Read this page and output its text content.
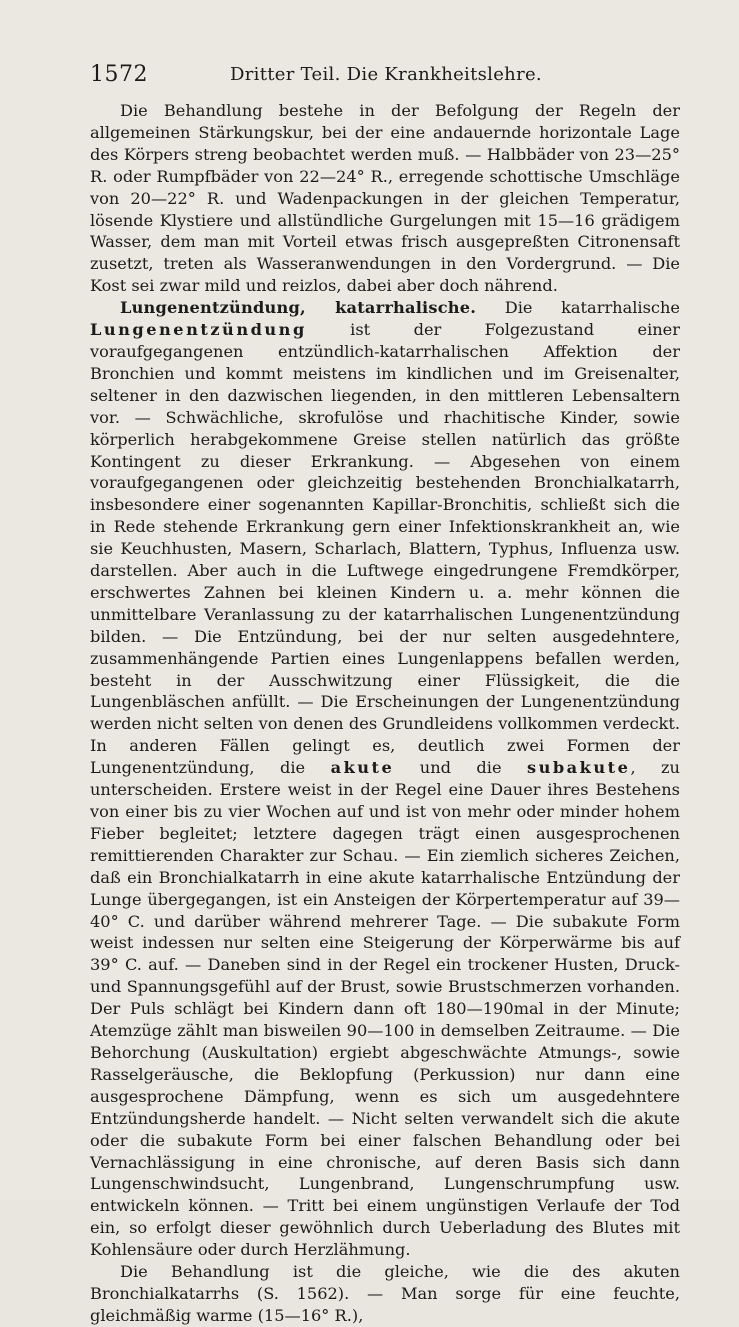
1572	Dritter Teil. Die Krankheitslehre.

Die Behandlung bestehe in der Befolgung der Regeln der allgemeinen Stärkungskur, bei der eine andauernde horizontale Lage des Körpers streng beobachtet werden muß. — Halbbäder von 23—25° R. oder Rumpfbäder von 22—24° R., erregende schottische Umschläge von 20—22° R. und Wadenpackungen in der gleichen Temperatur, lösende Klystiere und allstündliche Gurgelungen mit 15—16 grädigem Wasser, dem man mit Vorteil etwas frisch ausgepreßten Citronensaft zusetzt, treten als Wasseranwendungen in den Vordergrund. — Die Kost sei zwar mild und reizlos, dabei aber doch nährend.

Lungenentzündung, katarrhalische. Die katarrhalische Lungenentzündung ist der Folgezustand einer voraufgegangenen entzündlich-katarrhalischen Affektion der Bronchien und kommt meistens im kindlichen und im Greisenalter, seltener in den dazwischen liegenden, in den mittleren Lebensaltern vor. — Schwächliche, skrofulöse und rhachitische Kinder, sowie körperlich herabgekommene Greise stellen natürlich das größte Kontingent zu dieser Erkrankung. — Abgesehen von einem voraufgegangenen oder gleichzeitig bestehenden Bronchialkatarrh, insbesondere einer sogenannten Kapillar-Bronchitis, schließt sich die in Rede stehende Erkrankung gern einer Infektionskrankheit an, wie sie Keuchhusten, Masern, Scharlach, Blattern, Typhus, Influenza usw. darstellen. Aber auch in die Luftwege eingedrungene Fremdkörper, erschwertes Zahnen bei kleinen Kindern u. a. mehr können die unmittelbare Veranlassung zu der katarrhalischen Lungenentzündung bilden. — Die Entzündung, bei der nur selten ausgedehntere, zusammenhängende Partien eines Lungenlappens befallen werden, besteht in der Ausschwitzung einer Flüssigkeit, die die Lungenbläschen anfüllt. — Die Erscheinungen der Lungenentzündung werden nicht selten von denen des Grundleidens vollkommen verdeckt. In anderen Fällen gelingt es, deutlich zwei Formen der Lungenentzündung, die akute und die subakute, zu unterscheiden. Erstere weist in der Regel eine Dauer ihres Bestehens von einer bis zu vier Wochen auf und ist von mehr oder minder hohem Fieber begleitet; letztere dagegen trägt einen ausgesprochenen remittierenden Charakter zur Schau. — Ein ziemlich sicheres Zeichen, daß ein Bronchialkatarrh in eine akute katarrhalische Entzündung der Lunge übergegangen, ist ein Ansteigen der Körpertemperatur auf 39—40° C. und darüber während mehrerer Tage. — Die subakute Form weist indessen nur selten eine Steigerung der Körperwärme bis auf 39° C. auf. — Daneben sind in der Regel ein trockener Husten, Druck- und Spannungsgefühl auf der Brust, sowie Brustschmerzen vorhanden. Der Puls schlägt bei Kindern dann oft 180—190mal in der Minute; Atemzüge zählt man bisweilen 90—100 in demselben Zeitraume. — Die Behorchung (Auskultation) ergiebt abgeschwächte Atmungs-, sowie Rasselgeräusche, die Beklopfung (Perkussion) nur dann eine ausgesprochene Dämpfung, wenn es sich um ausgedehntere Entzündungsherde handelt. — Nicht selten verwandelt sich die akute oder die subakute Form bei einer falschen Behandlung oder bei Vernachlässigung in eine chronische, auf deren Basis sich dann Lungenschwindsucht, Lungenbrand, Lungenschrumpfung usw. entwickeln können. — Tritt bei einem ungünstigen Verlaufe der Tod ein, so erfolgt dieser gewöhnlich durch Ueberladung des Blutes mit Kohlensäure oder durch Herzlähmung.

Die Behandlung ist die gleiche, wie die des akuten Bronchialkatarrhs (S. 1562). — Man sorge für eine feuchte, gleichmäßig warme (15—16° R.),
